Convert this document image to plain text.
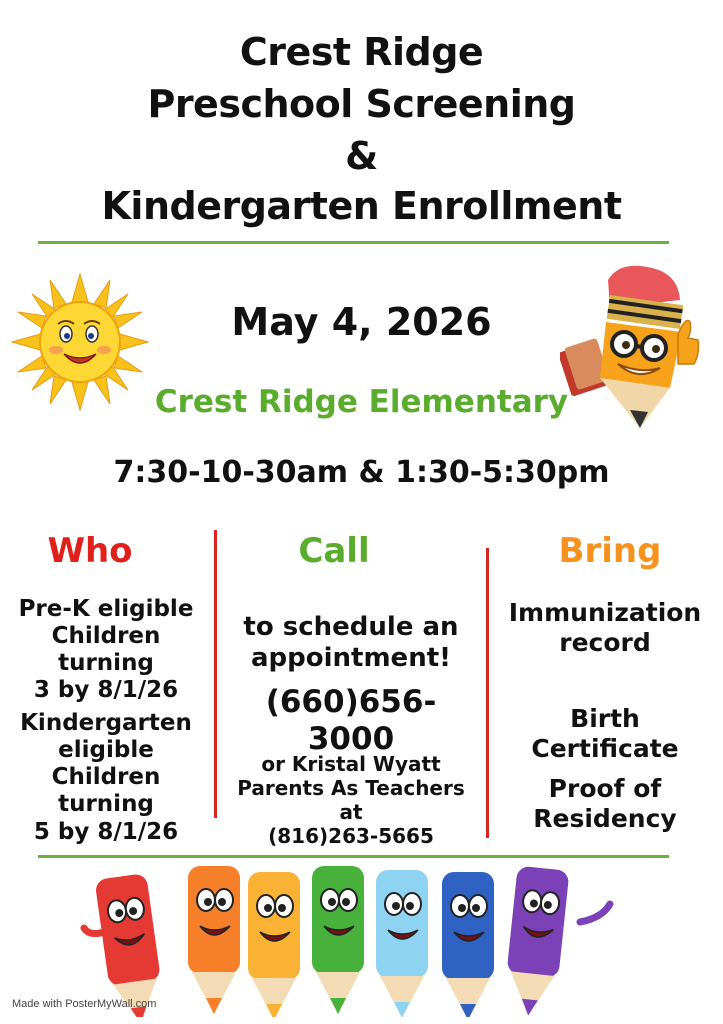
Crest Ridge
Preschool Screening
&
Kindergarten Enrollment
May 4, 2026
Crest Ridge Elementary
7:30-10-30am & 1:30-5:30pm
Who	Call	Bring
Pre-K eligible
Children turning
3 by 8/1/26
Kindergarten
eligible
Children turning
5 by 8/1/26
to schedule an
appointment!
(660)656-3000
or Kristal Wyatt
Parents As Teachers at
(816)263-5665
Immunization
record
Birth Certificate
Proof of
Residency
Made with PosterMyWall.com
